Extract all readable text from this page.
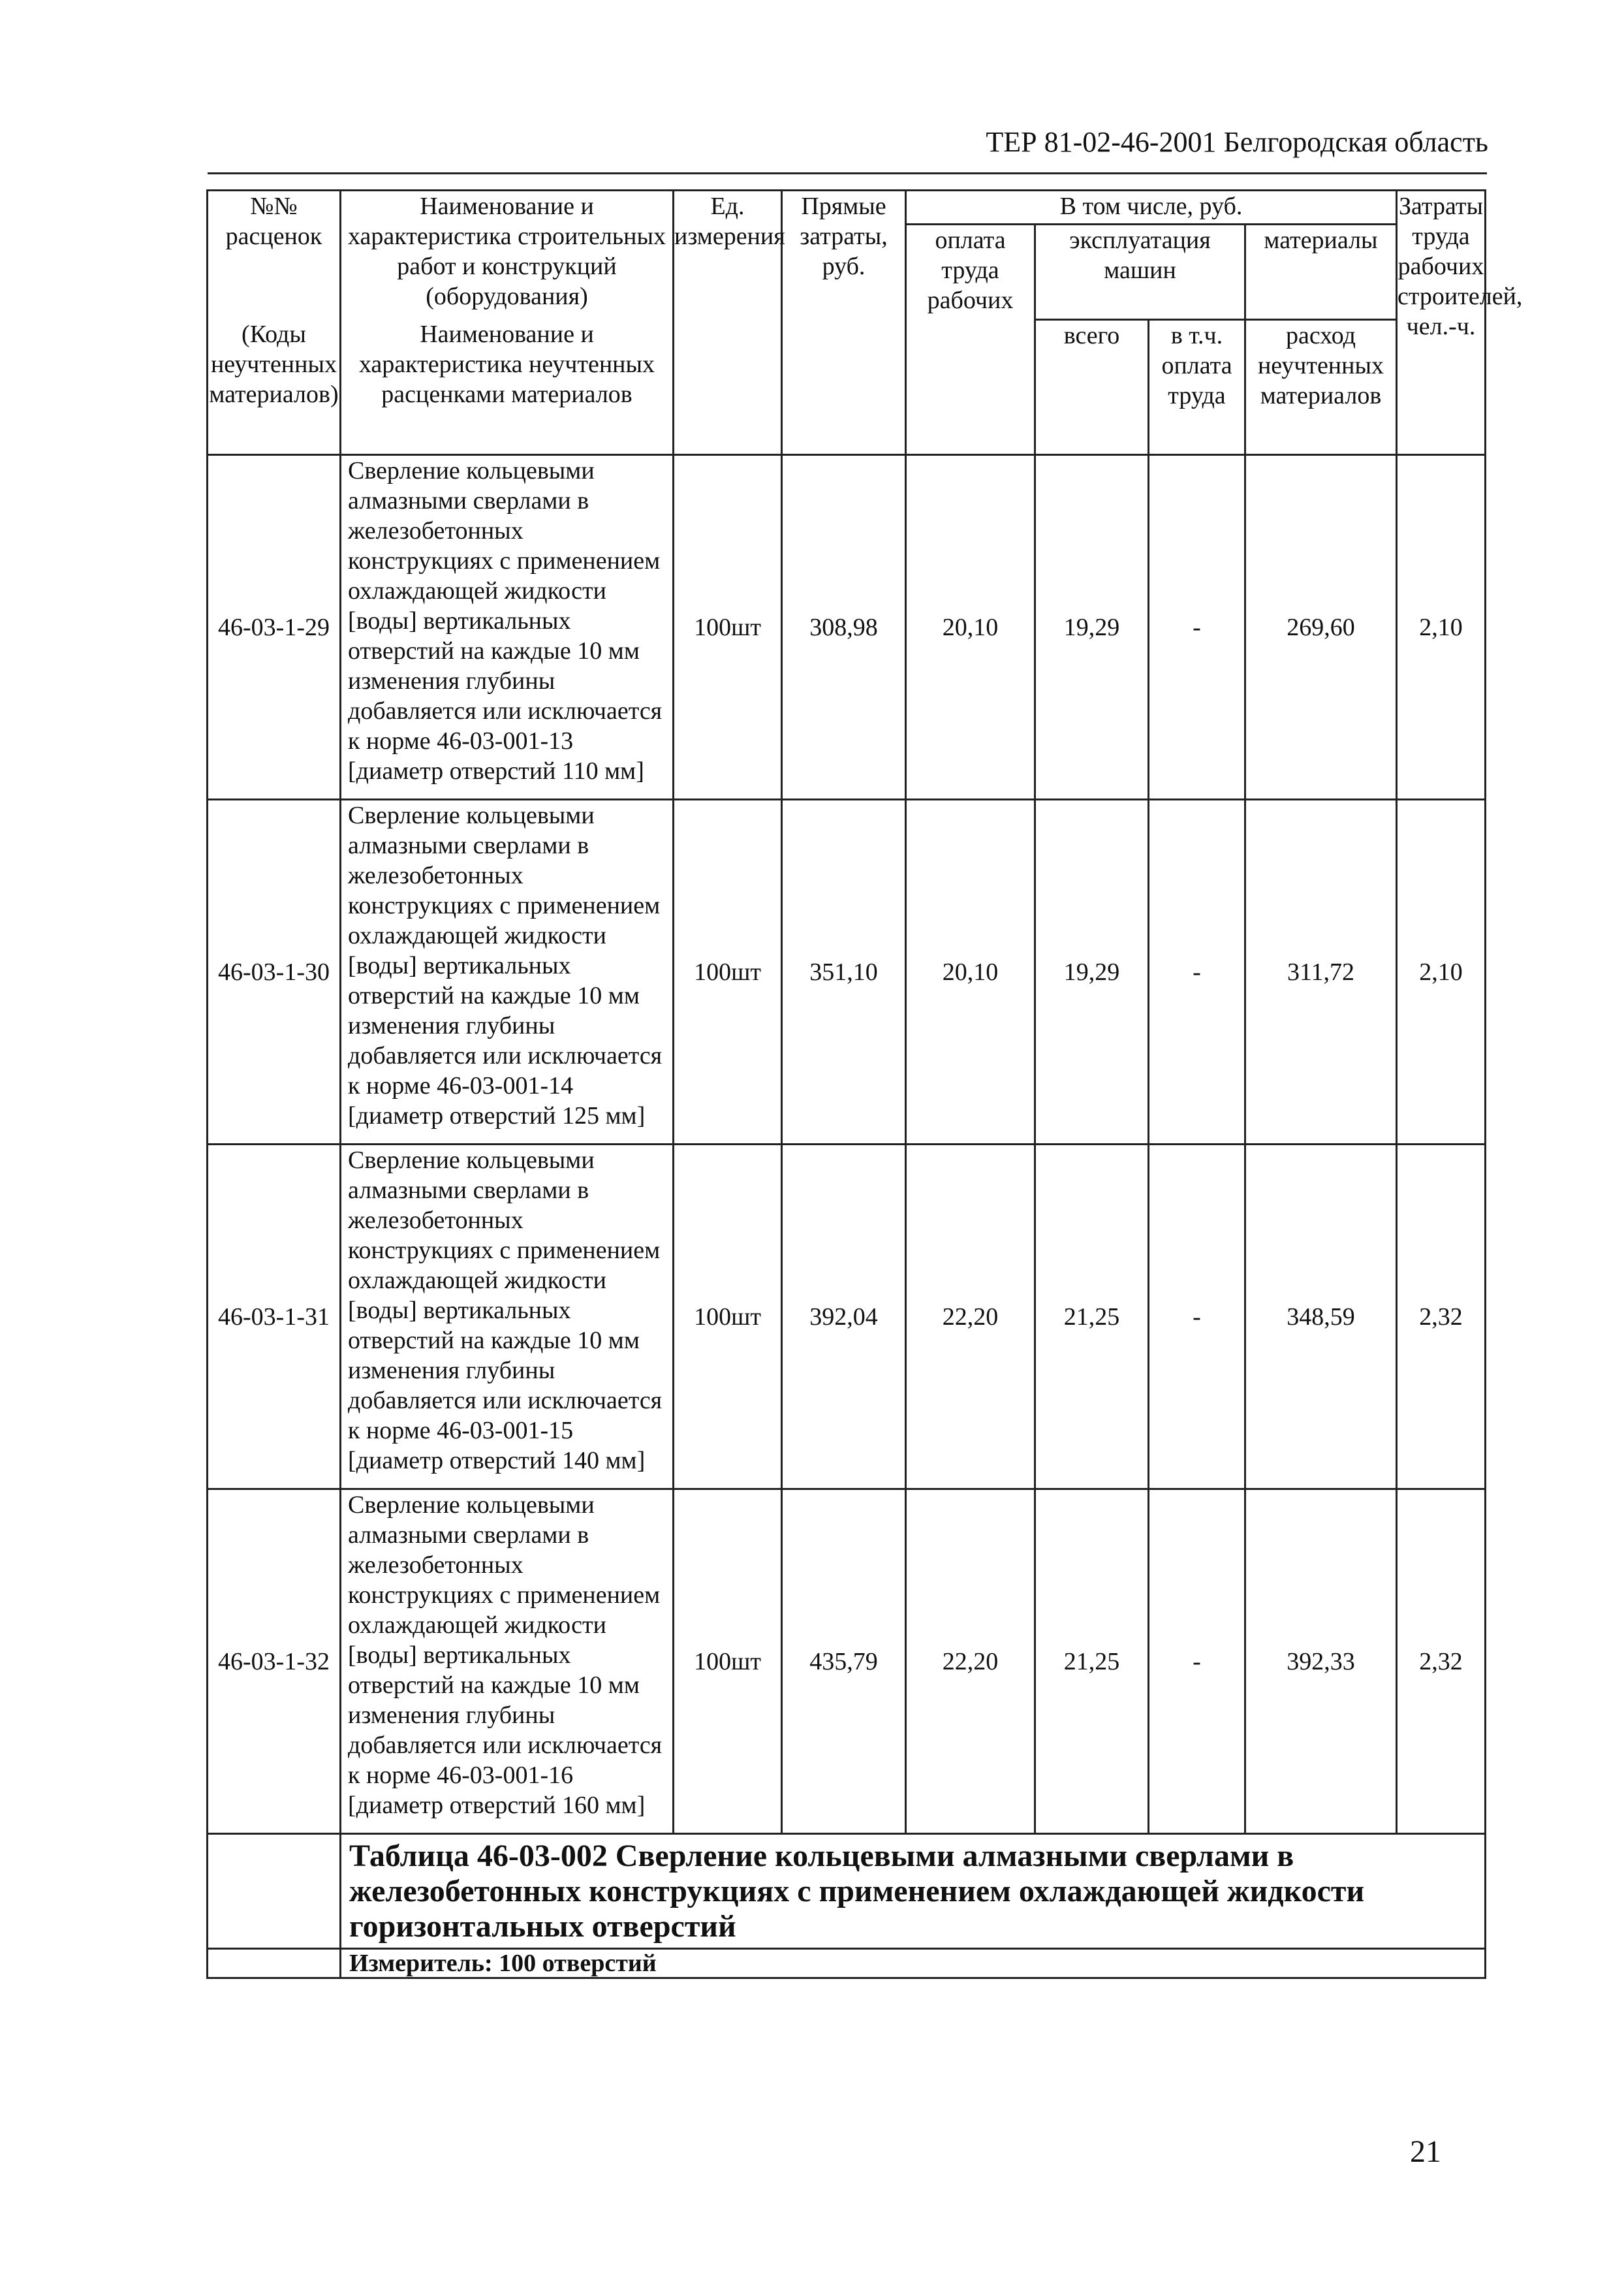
ТЕР 81-02-46-2001 Белгородская область
№№ расценок	Наименование и характеристика строительных работ и конструкций (оборудования)	Ед. измерения	Прямые затраты, руб.	В том числе, руб.				Затраты труда рабочих строителей, чел.-ч.
				оплата труда рабочих	эксплуатация машин		материалы	
(Коды неучтенных материалов)	Наименование и характеристика неучтенных расценками материалов				всего	в т.ч. оплата труда	расход неучтенных материалов	

46-03-1-29	Сверление кольцевыми алмазными сверлами в железобетонных конструкциях с применением охлаждающей жидкости [воды] вертикальных отверстий на каждые 10 мм изменения глубины добавляется или исключается к норме 46-03-001-13 [диаметр отверстий 110 мм]	100шт	308,98	20,10	19,29	-	269,60	2,10
46-03-1-30	Сверление кольцевыми алмазными сверлами в железобетонных конструкциях с применением охлаждающей жидкости [воды] вертикальных отверстий на каждые 10 мм изменения глубины добавляется или исключается к норме 46-03-001-14 [диаметр отверстий 125 мм]	100шт	351,10	20,10	19,29	-	311,72	2,10
46-03-1-31	Сверление кольцевыми алмазными сверлами в железобетонных конструкциях с применением охлаждающей жидкости [воды] вертикальных отверстий на каждые 10 мм изменения глубины добавляется или исключается к норме 46-03-001-15 [диаметр отверстий 140 мм]	100шт	392,04	22,20	21,25	-	348,59	2,32
46-03-1-32	Сверление кольцевыми алмазными сверлами в железобетонных конструкциях с применением охлаждающей жидкости [воды] вертикальных отверстий на каждые 10 мм изменения глубины добавляется или исключается к норме 46-03-001-16 [диаметр отверстий 160 мм]	100шт	435,79	22,20	21,25	-	392,33	2,32
	Таблица 46-03-002 Сверление кольцевыми алмазными сверлами в железобетонных конструкциях с применением охлаждающей жидкости горизонтальных отверстий							
	Измеритель: 100 отверстий							
21
